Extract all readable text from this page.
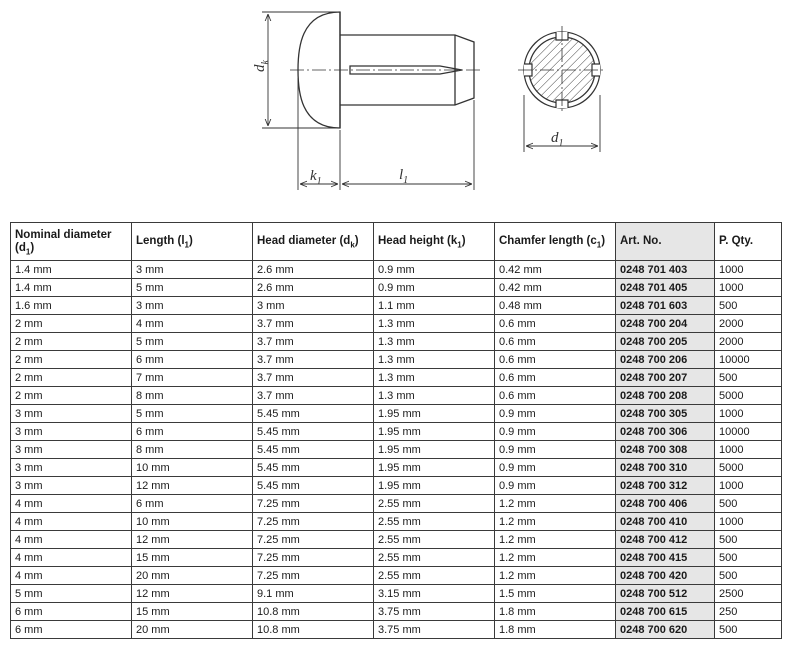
$d_k$
$k_1$	$l_1$
$d_1$
Nominal diameter $(d_1)$	Length $(l_1)$	Head diameter $(d_k)$	Head height $(k_1)$	Chamfer length $(c_1)$	Art. No.	P. Qty.
1.4 mm	3 mm	2.6 mm	0.9 mm	0.42 mm	0248 701 403	1000
1.4 mm	5 mm	2.6 mm	0.9 mm	0.42 mm	0248 701 405	1000
1.6 mm	3 mm	3 mm	1.1 mm	0.48 mm	0248 701 603	500
2 mm	4 mm	3.7 mm	1.3 mm	0.6 mm	0248 700 204	2000
2 mm	5 mm	3.7 mm	1.3 mm	0.6 mm	0248 700 205	2000
2 mm	6 mm	3.7 mm	1.3 mm	0.6 mm	0248 700 206	10000
2 mm	7 mm	3.7 mm	1.3 mm	0.6 mm	0248 700 207	500
2 mm	8 mm	3.7 mm	1.3 mm	0.6 mm	0248 700 208	5000
3 mm	5 mm	5.45 mm	1.95 mm	0.9 mm	0248 700 305	1000
3 mm	6 mm	5.45 mm	1.95 mm	0.9 mm	0248 700 306	10000
3 mm	8 mm	5.45 mm	1.95 mm	0.9 mm	0248 700 308	1000
3 mm	10 mm	5.45 mm	1.95 mm	0.9 mm	0248 700 310	5000
3 mm	12 mm	5.45 mm	1.95 mm	0.9 mm	0248 700 312	1000
4 mm	6 mm	7.25 mm	2.55 mm	1.2 mm	0248 700 406	500
4 mm	10 mm	7.25 mm	2.55 mm	1.2 mm	0248 700 410	1000
4 mm	12 mm	7.25 mm	2.55 mm	1.2 mm	0248 700 412	500
4 mm	15 mm	7.25 mm	2.55 mm	1.2 mm	0248 700 415	500
4 mm	20 mm	7.25 mm	2.55 mm	1.2 mm	0248 700 420	500
5 mm	12 mm	9.1 mm	3.15 mm	1.5 mm	0248 700 512	2500
6 mm	15 mm	10.8 mm	3.75 mm	1.8 mm	0248 700 615	250
6 mm	20 mm	10.8 mm	3.75 mm	1.8 mm	0248 700 620	500
